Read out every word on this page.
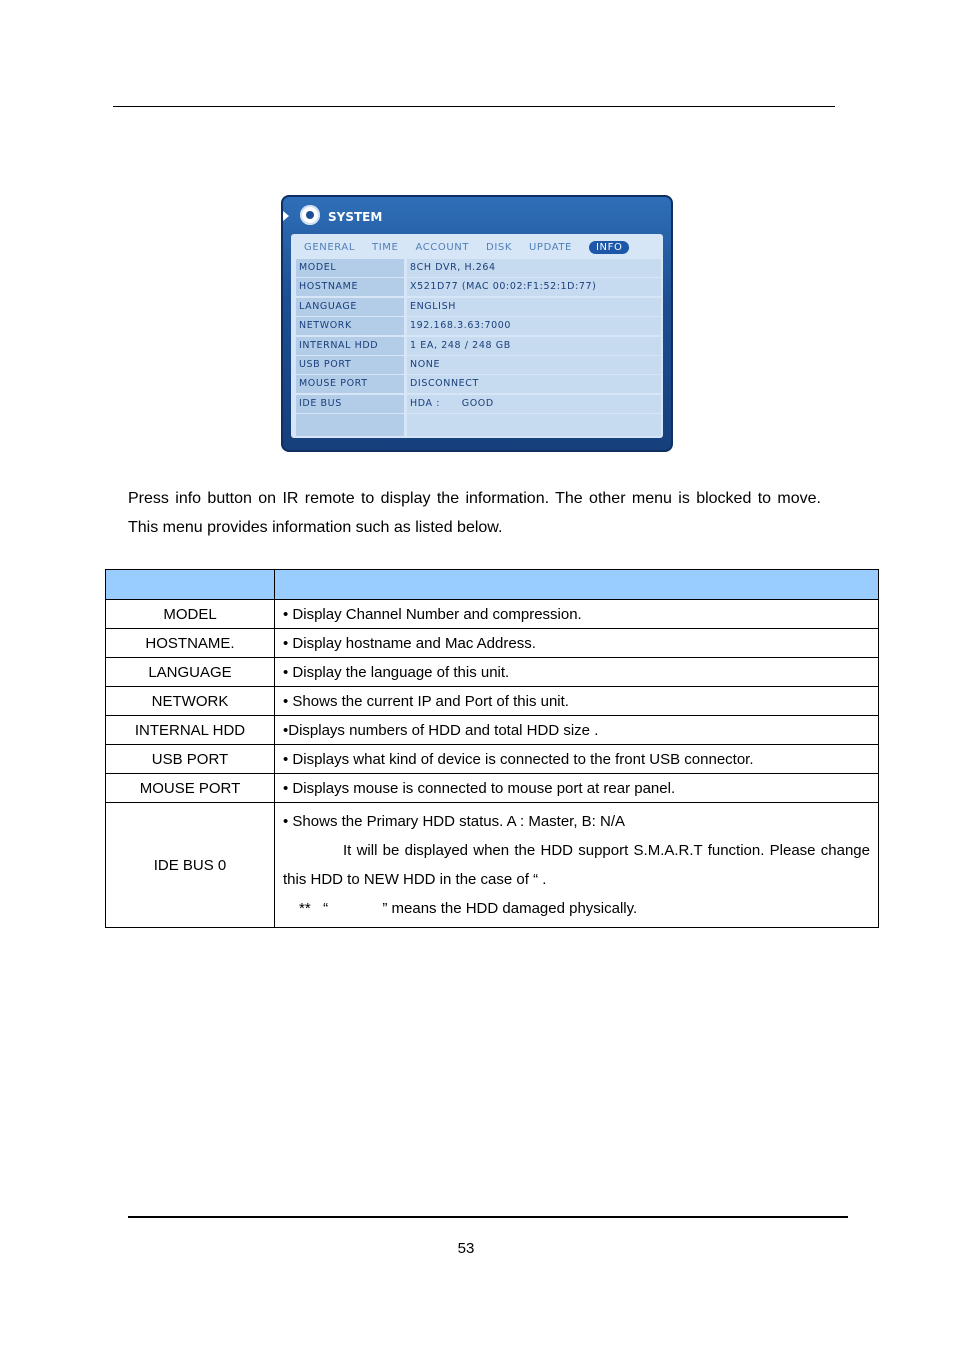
SYSTEM
GENERAL TIME ACCOUNT DISK UPDATE	INFO
MODEL	8CH DVR, H.264
HOSTNAME	X521D77 (MAC 00:02:F1:52:1D:77)
LANGUAGE	ENGLISH
NETWORK	192.168.3.63:7000
INTERNAL HDD	1 EA, 248 / 248 GB
USB PORT	NONE
MOUSE PORT	DISCONNECT
IDE BUS	HDA :      GOOD
Press info button on IR remote to display the information. The other menu is blocked to move.    This menu provides information such as listed below.

MODEL	• Display Channel Number and compression.
HOSTNAME.	• Display hostname and Mac Address.
LANGUAGE	• Display the language of this unit.
NETWORK	• Shows the current IP and Port of this unit.
INTERNAL HDD	•Displays numbers of HDD and total HDD size .
USB PORT	• Displays what kind of device is connected to the front USB connector.
MOUSE PORT	• Displays mouse is connected to mouse port at rear panel.
IDE BUS 0	• Shows the Primary HDD status. A : Master, B: N/A
It will be displayed when the HDD support S.M.A.R.T function. Please change this HDD to NEW HDD in the case of “ .
**   “             ” means the HDD damaged physically.
53
